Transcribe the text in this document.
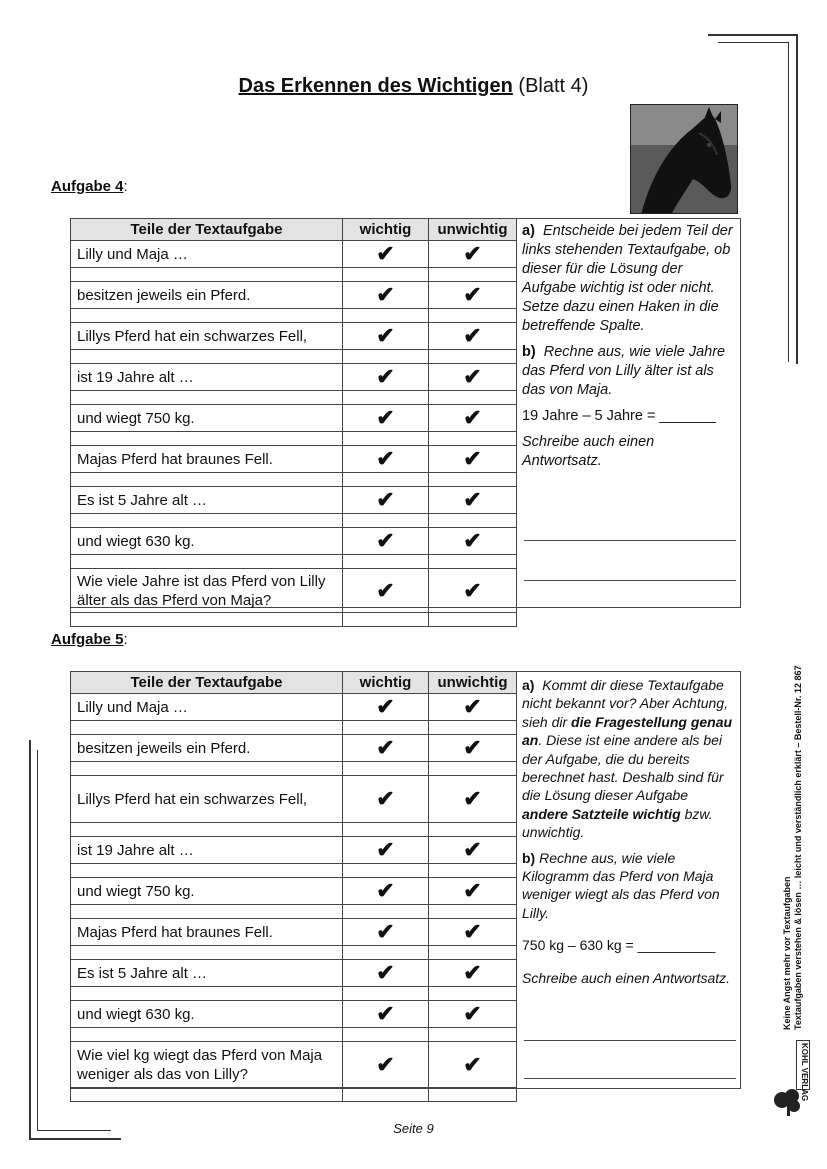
Das Erkennen des Wichtigen (Blatt 4)
Aufgabe 4:
Teile der Textaufgabe	wichtig	unwichtig
Lilly und Maja …	✔	✔

besitzen jeweils ein Pferd.	✔	✔

Lillys Pferd hat ein schwarzes Fell,	✔	✔

ist 19 Jahre alt …	✔	✔

und wiegt 750 kg.	✔	✔

Majas Pferd hat braunes Fell.	✔	✔

Es ist 5 Jahre alt …	✔	✔

und wiegt 630 kg.	✔	✔

Wie viele Jahre ist das Pferd von Lilly älter als das Pferd von Maja?	✔	✔

a) Entscheide bei jedem Teil der links stehenden Textaufgabe, ob dieser für die Lösung der Aufgabe wichtig ist oder nicht. Setze dazu einen Haken in die betreffende Spalte.

b) Rechne aus, wie viele Jahre das Pferd von Lilly älter ist als das von Maja.

19 Jahre – 5 Jahre = _______

Schreibe auch einen Antwortsatz.

Aufgabe 5:
Teile der Textaufgabe	wichtig	unwichtig
Lilly und Maja …	✔	✔

besitzen jeweils ein Pferd.	✔	✔

Lillys Pferd hat ein schwarzes Fell,	✔	✔

ist 19 Jahre alt …	✔	✔

und wiegt 750 kg.	✔	✔

Majas Pferd hat braunes Fell.	✔	✔

Es ist 5 Jahre alt …	✔	✔

und wiegt 630 kg.	✔	✔

Wie viel kg wiegt das Pferd von Maja weniger als das von Lilly?	✔	✔

a) Kommt dir diese Textaufgabe nicht bekannt vor? Aber Achtung, sieh dir die Fragestellung genau an. Diese ist eine andere als bei der Aufgabe, die du bereits berechnet hast. Deshalb sind für die Lösung dieser Aufgabe andere Satzteile wichtig bzw. unwichtig.

b) Rechne aus, wie viele Kilogramm das Pferd von Maja weniger wiegt als das Pferd von Lilly.

750 kg – 630 kg = __________

Schreibe auch einen Antwortsatz.	Keine Angst mehr vor Textaufgaben Textaufgaben verstehen & lösen … leicht und verständlich erklärt – Bestell-Nr. 12 867
KOHL VERLAG
Seite 9
